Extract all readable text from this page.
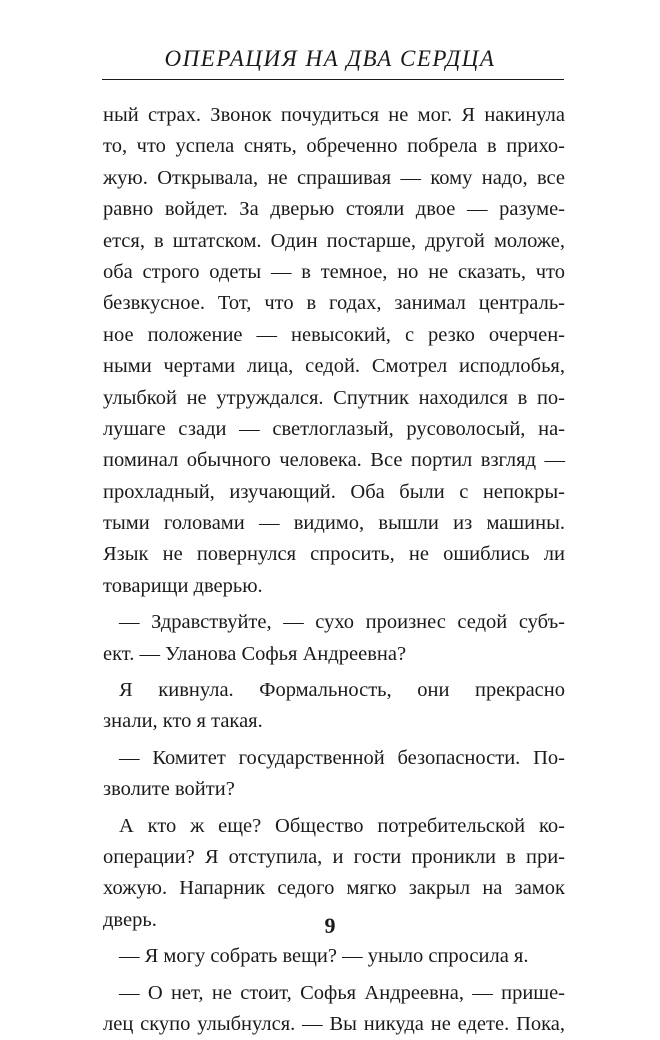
ОПЕРАЦИЯ НА ДВА СЕРДЦА
ный страх. Звонок почудиться не мог. Я накинула
то, что успела снять, обреченно побрела в прихо-
жую. Открывала, не спрашивая — кому надо, все
равно войдет. За дверью стояли двое — разуме-
ется, в штатском. Один постарше, другой моложе,
оба строго одеты — в темное, но не сказать, что
безвкусное. Тот, что в годах, занимал централь-
ное положение — невысокий, с резко очерчен-
ными чертами лица, седой. Смотрел исподлобья,
улыбкой не утруждался. Спутник находился в по-
лушаге сзади — светлоглазый, русоволосый, на-
поминал обычного человека. Все портил взгляд —
прохладный, изучающий. Оба были с непокры-
тыми головами — видимо, вышли из машины.
Язык не повернулся спросить, не ошиблись ли
товарищи дверью.
— Здравствуйте, — сухо произнес седой субъ-
ект. — Уланова Софья Андреевна?
Я кивнула. Формальность, они прекрасно
знали, кто я такая.
— Комитет государственной безопасности. По-
зволите войти?
А кто ж еще? Общество потребительской ко-
операции? Я отступила, и гости проникли в при-
хожую. Напарник седого мягко закрыл на замок
дверь.
— Я могу собрать вещи? — уныло спросила я.
— О нет, не стоит, Софья Андреевна, — пришe-
лец скупо улыбнулся. — Вы никуда не едете. Пока,
9
